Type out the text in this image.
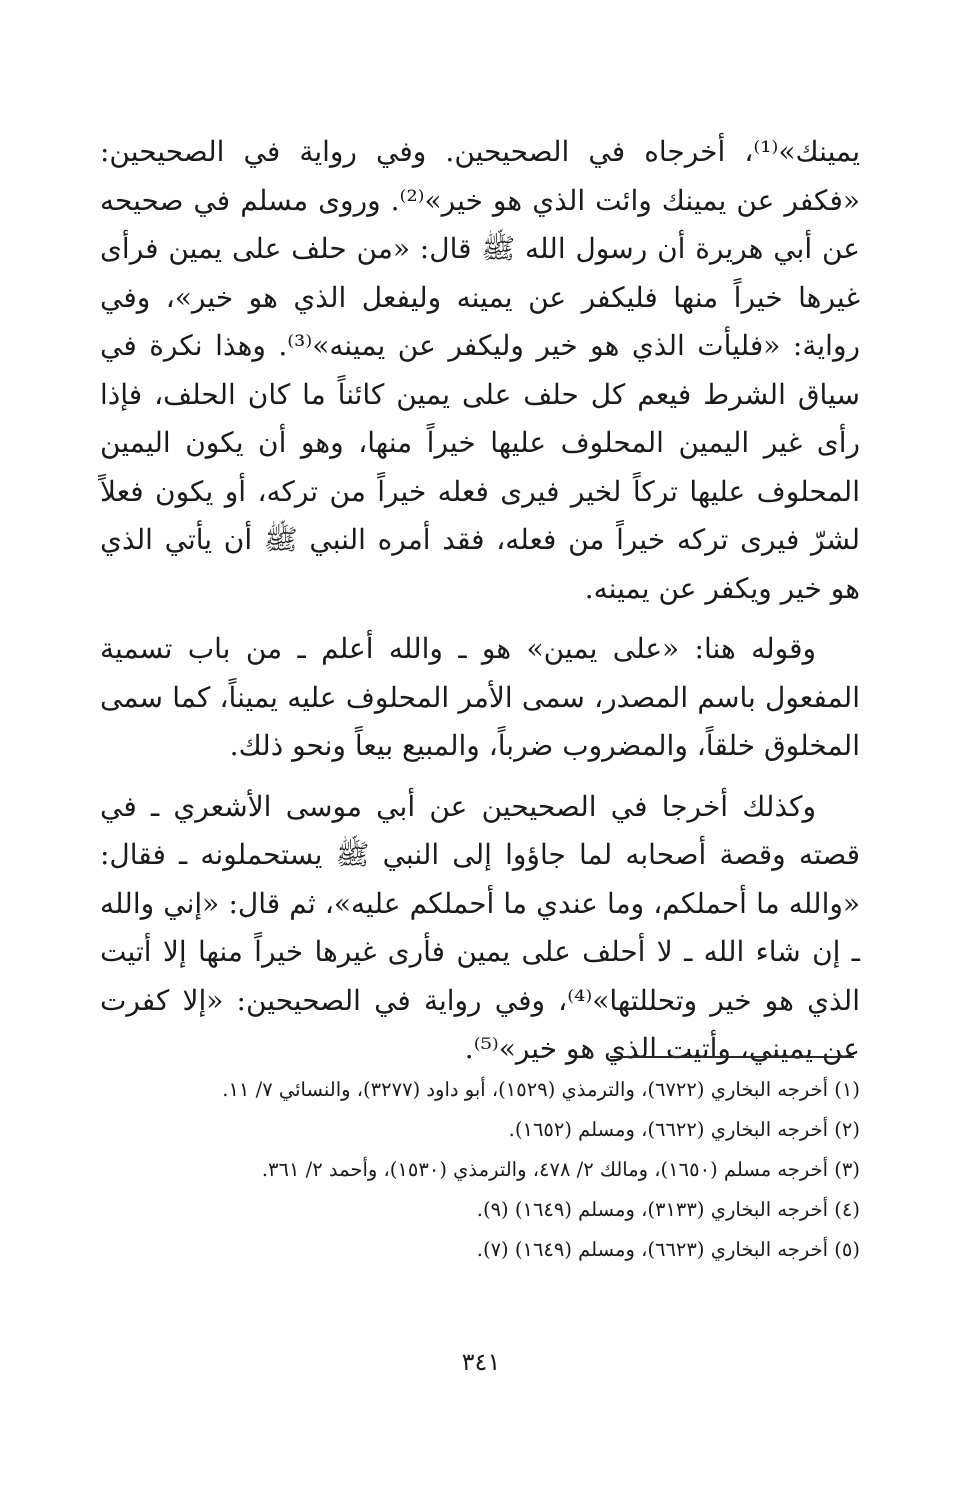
يمينك»⁽¹⁾، أخرجاه في الصحيحين. وفي رواية في الصحيحين: «فكفر عن يمينك وائت الذي هو خير»⁽²⁾. وروى مسلم في صحيحه عن أبي هريرة أن رسول الله ﷺ قال: «من حلف على يمين فرأى غيرها خيراً منها فليكفر عن يمينه وليفعل الذي هو خير»، وفي رواية: «فليأت الذي هو خير وليكفر عن يمينه»⁽³⁾. وهذا نكرة في سياق الشرط فيعم كل حلف على يمين كائناً ما كان الحلف، فإذا رأى غير اليمين المحلوف عليها خيراً منها، وهو أن يكون اليمين المحلوف عليها تركاً لخير فيرى فعله خيراً من تركه، أو يكون فعلاً لشرّ فيرى تركه خيراً من فعله، فقد أمره النبي ﷺ أن يأتي الذي هو خير ويكفر عن يمينه.

وقوله هنا: «على يمين» هو ـ والله أعلم ـ من باب تسمية المفعول باسم المصدر، سمى الأمر المحلوف عليه يميناً، كما سمى المخلوق خلقاً، والمضروب ضرباً، والمبيع بيعاً ونحو ذلك.

وكذلك أخرجا في الصحيحين عن أبي موسى الأشعري ـ في قصته وقصة أصحابه لما جاؤوا إلى النبي ﷺ يستحملونه ـ فقال: «والله ما أحملكم، وما عندي ما أحملكم عليه»، ثم قال: «إني والله ـ إن شاء الله ـ لا أحلف على يمين فأرى غيرها خيراً منها إلا أتيت الذي هو خير وتحللتها»⁽⁴⁾، وفي رواية في الصحيحين: «إلا كفرت عن يميني، وأتيت الذي هو خير»⁽⁵⁾.

(١) أخرجه البخاري (٦٧٢٢)، والترمذي (١٥٢٩)، أبو داود (٣٢٧٧)، والنسائي ٧/ ١١.

(٢) أخرجه البخاري (٦٦٢٢)، ومسلم (١٦٥٢).

(٣) أخرجه مسلم (١٦٥٠)، ومالك ٢/ ٤٧٨، والترمذي (١٥٣٠)، وأحمد ٢/ ٣٦١.

(٤) أخرجه البخاري (٣١٣٣)، ومسلم (١٦٤٩) (٩).

(٥) أخرجه البخاري (٦٦٢٣)، ومسلم (١٦٤٩) (٧).

٣٤١
